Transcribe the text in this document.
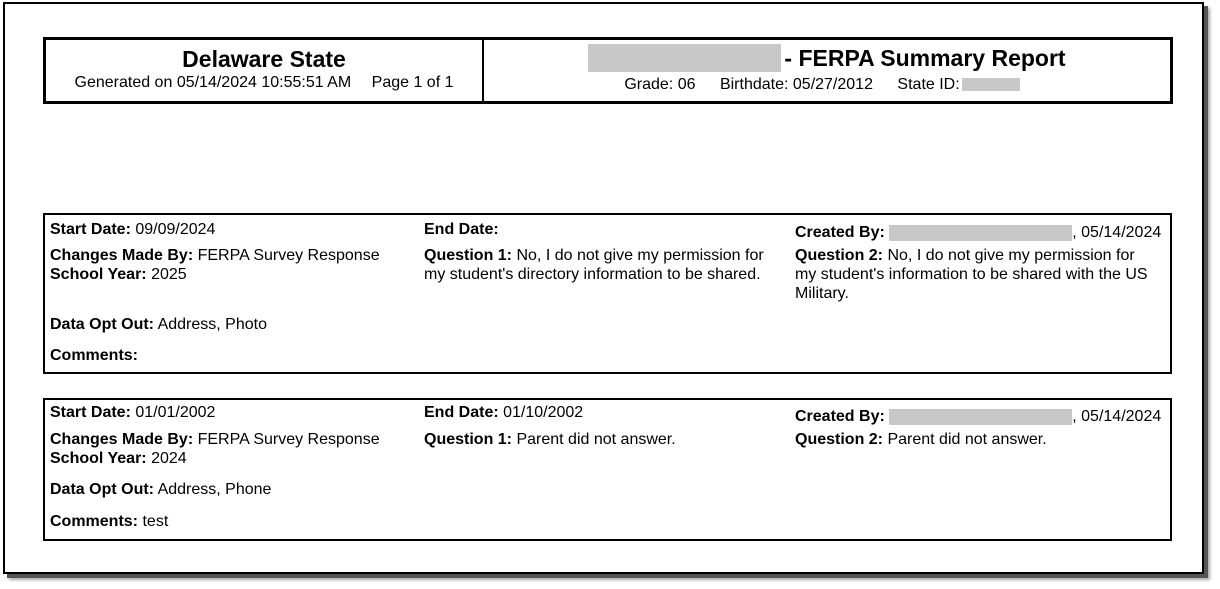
Delaware State
Generated on 05/14/2024 10:55:51 AM Page 1 of 1
- FERPA Summary Report
Grade: 06 Birthdate: 05/27/2012 State ID:
Start Date: 09/09/2024	End Date:	Created By:	, 05/14/2024
Changes Made By: FERPA Survey Response
School Year: 2025
Question 1: No, I do not give my permission for my student's directory information to be shared.
Question 2: No, I do not give my permission for my student's information to be shared with the US Military.
Data Opt Out: Address, Photo
Comments:
Start Date: 01/01/2002	End Date: 01/10/2002	Created By:	, 05/14/2024
Changes Made By: FERPA Survey Response
School Year: 2024
Question 1: Parent did not answer.	Question 2: Parent did not answer.
Data Opt Out: Address, Phone
Comments: test
